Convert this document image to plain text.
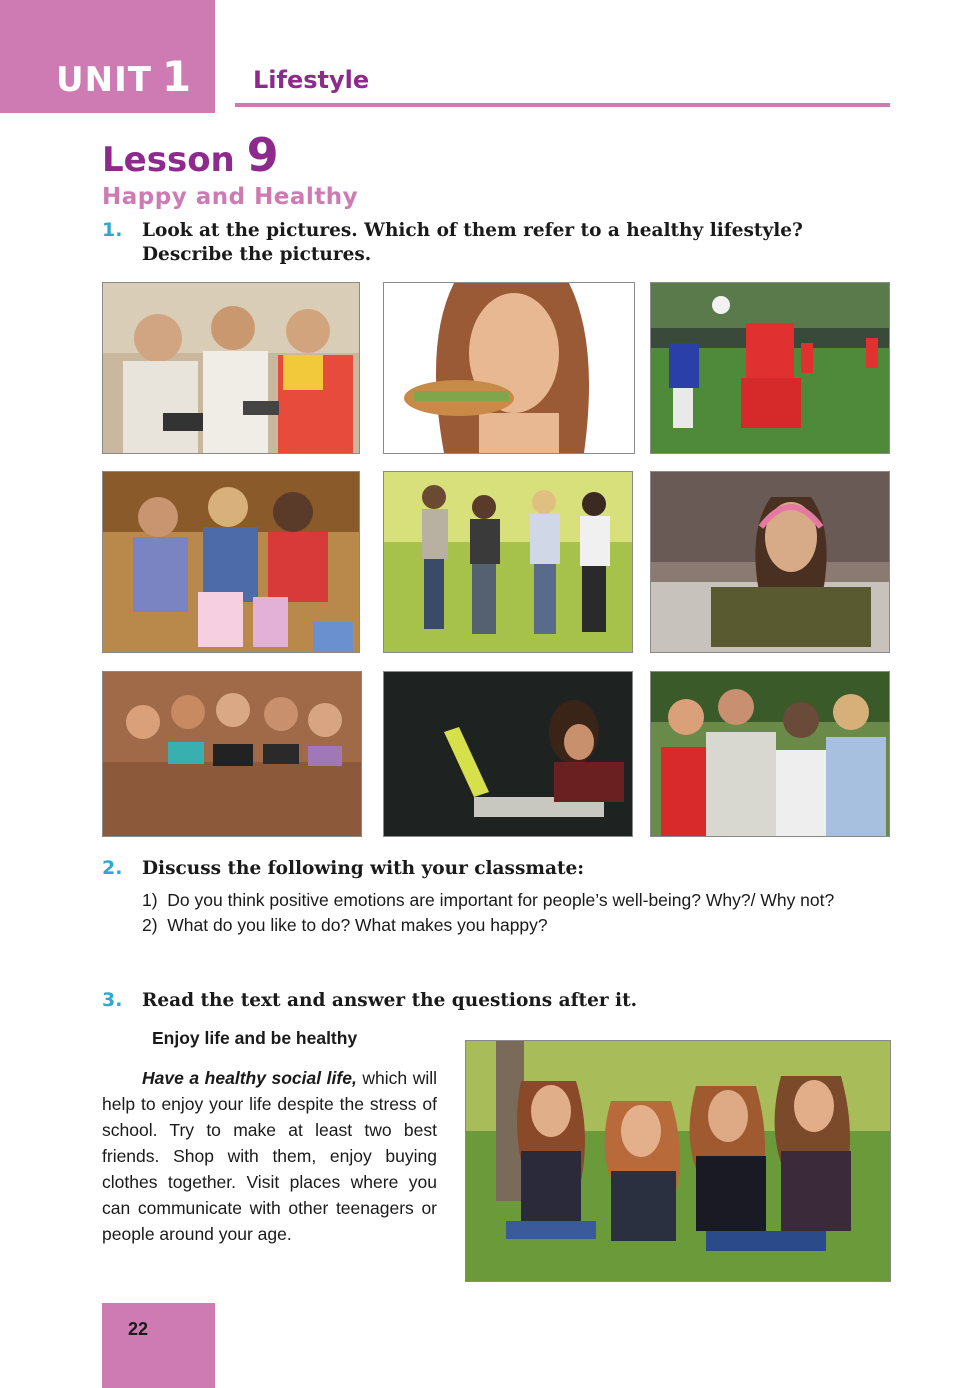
UNIT 1	Lifestyle
Lesson 9
Happy and Healthy
1. Look at the pictures. Which of them refer to a healthy lifestyle? Describe the pictures.
2. Discuss the following with your classmate:

1)  Do you think positive emotions are important for people’s well-being? Why?/ Why not?

2)  What do you like to do? What makes you happy?

3. Read the text and answer the questions after it.
Enjoy life and be healthy

Have a healthy social life, which will help to enjoy your life despite the stress of school. Try to make at least two best friends. Shop with them, enjoy buying clothes together. Visit places where you can communicate with other teenagers or people around your age.

22
